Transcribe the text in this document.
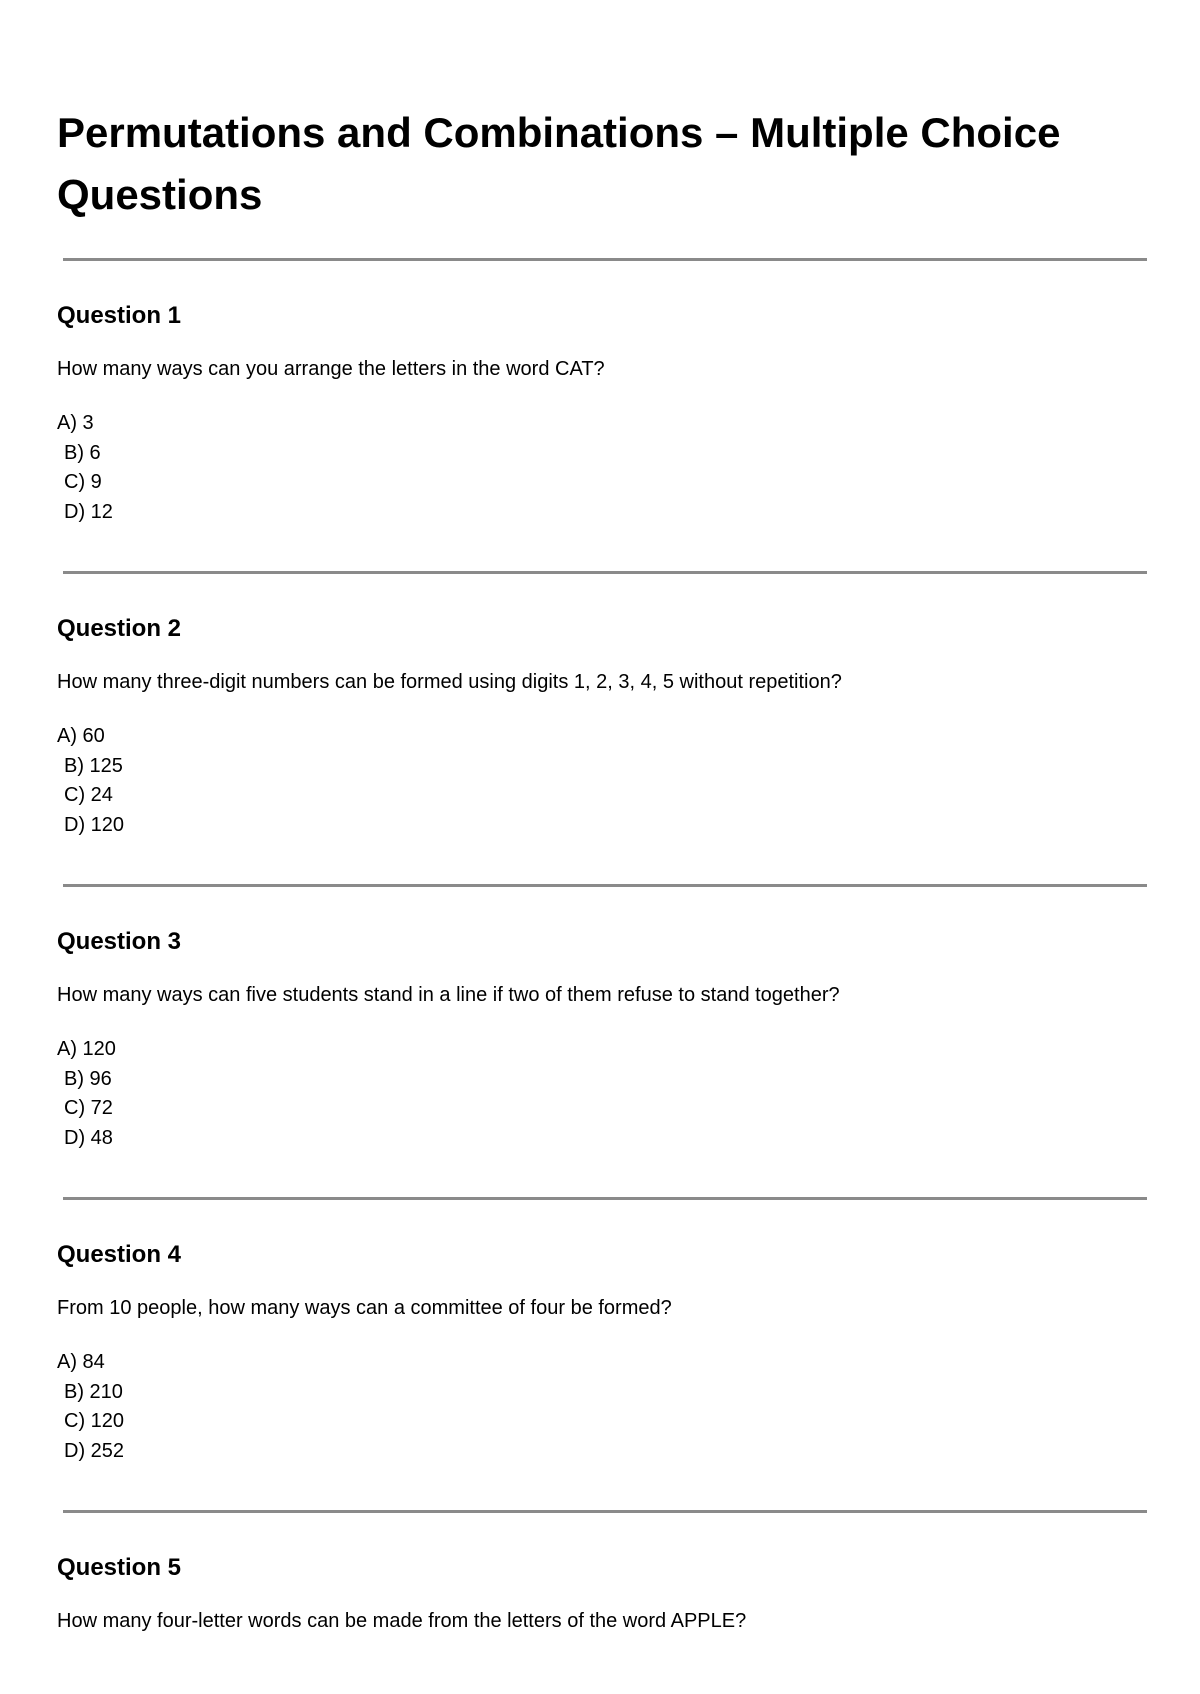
Permutations and Combinations – Multiple Choice Questions
Question 1

How many ways can you arrange the letters in the word CAT?

A) 3
B) 6
C) 9
D) 12
Question 2

How many three-digit numbers can be formed using digits 1, 2, 3, 4, 5 without repetition?

A) 60
B) 125
C) 24
D) 120
Question 3

How many ways can five students stand in a line if two of them refuse to stand together?

A) 120
B) 96
C) 72
D) 48
Question 4

From 10 people, how many ways can a committee of four be formed?

A) 84
B) 210
C) 120
D) 252
Question 5

How many four-letter words can be made from the letters of the word APPLE?
